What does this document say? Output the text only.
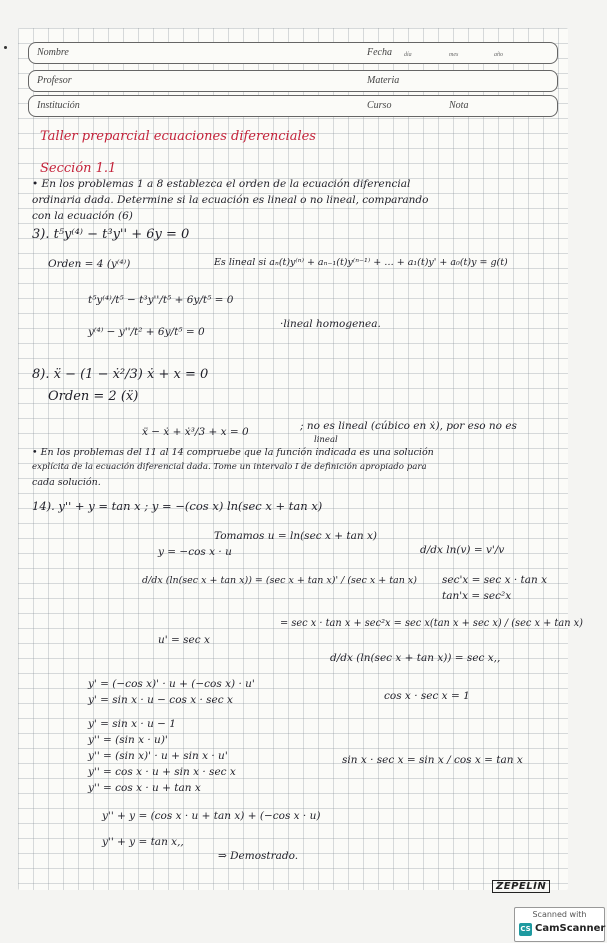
Nombre	Fecha día	mes	año
Profesor	Materia
Institución	Curso	Nota
Taller preparcial ecuaciones diferenciales
Sección 1.1
• En los problemas 1 a 8 establezca el orden de la ecuación diferencial
ordinaria dada. Determine si la ecuación es lineal o no lineal, comparando
con la ecuación (6)
3). t⁵y⁽⁴⁾ − t³y'' + 6y = 0
Orden = 4 (y⁽⁴⁾)	Es lineal si aₙ(t)y⁽ⁿ⁾ + aₙ₋₁(t)y⁽ⁿ⁻¹⁾ + … + a₁(t)y' + a₀(t)y = g(t)
t⁵y⁽⁴⁾/t⁵ − t³y''/t⁵ + 6y/t⁵ = 0
y⁽⁴⁾ − y''/t² + 6y/t⁵ = 0
·lineal homogenea.
8). ẍ − (1 − ẋ²/3) ẋ + x = 0
Orden = 2 (ẍ)
ẍ − ẋ + ẋ³/3 + x = 0	; no es lineal (cúbico en ẋ), por eso no es
lineal
• En los problemas del 11 al 14 compruebe que la función indicada es una solución
explícita de la ecuación diferencial dada. Tome un intervalo I de definición apropiado para
cada solución.
14). y'' + y = tan x ; y = −(cos x) ln(sec x + tan x)
Tomamos u = ln(sec x + tan x)
y = −cos x · u	d/dx ln(v) = v'/v
d/dx (ln(sec x + tan x)) = (sec x + tan x)' / (sec x + tan x) sec'x = sec x · tan x
tan'x = sec²x
= sec x · tan x + sec²x = sec x(tan x + sec x) / (sec x + tan x)
u' = sec x
d/dx (ln(sec x + tan x)) = sec x,,
y' = (−cos x)' · u + (−cos x) · u'
y' = sin x · u − cos x · sec x	cos x · sec x = 1
y' = sin x · u − 1
y'' = (sin x · u)'
y'' = (sin x)' · u + sin x · u'
y'' = cos x · u + sin x · sec x
y'' = cos x · u + tan x
sin x · sec x = sin x / cos x = tan x
y'' + y = (cos x · u + tan x) + (−cos x · u)
y'' + y = tan x,,
⇒ Demostrado.
ZEPELÍN
Scanned with
CS CamScanner
